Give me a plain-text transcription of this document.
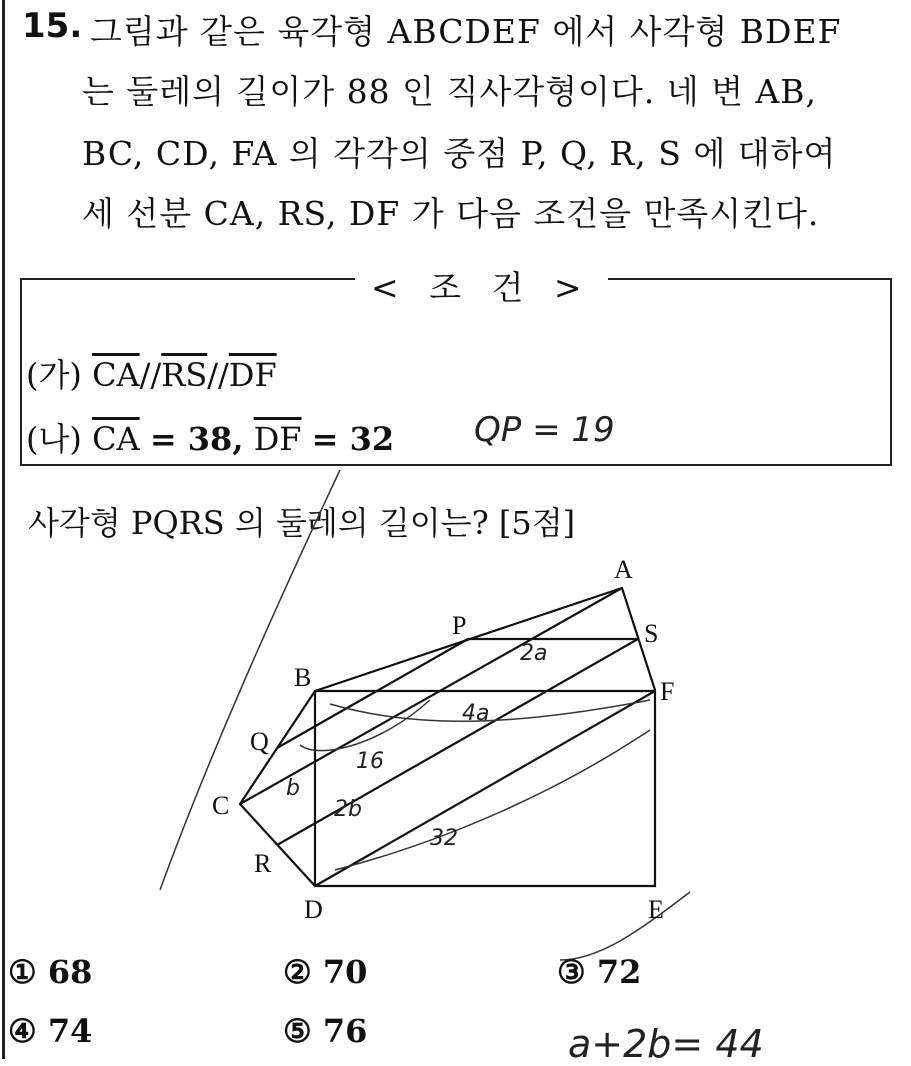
15. 그림과 같은 육각형 ABCDEF 에서 사각형 BDEF
는 둘레의 길이가 88 인 직사각형이다. 네 변 AB,
BC, CD, FA 의 각각의 중점 P, Q, R, S 에 대하여
세 선분 CA, RS, DF 가 다음 조건을 만족시킨다.
< 조 건 >
(가) $\overline{CA}//\overline{RS}//\overline{DF}$
(나) $\overline{CA} = 38$, $\overline{DF} = 32$ QP = 19
사각형 PQRS 의 둘레의 길이는? [5점]
A
B
C
D	E
F
P
Q
R
S
2a
4a
16
2b
32
b
① 68	② 70	③ 72
④ 74	⑤ 76	a+2b= 44
